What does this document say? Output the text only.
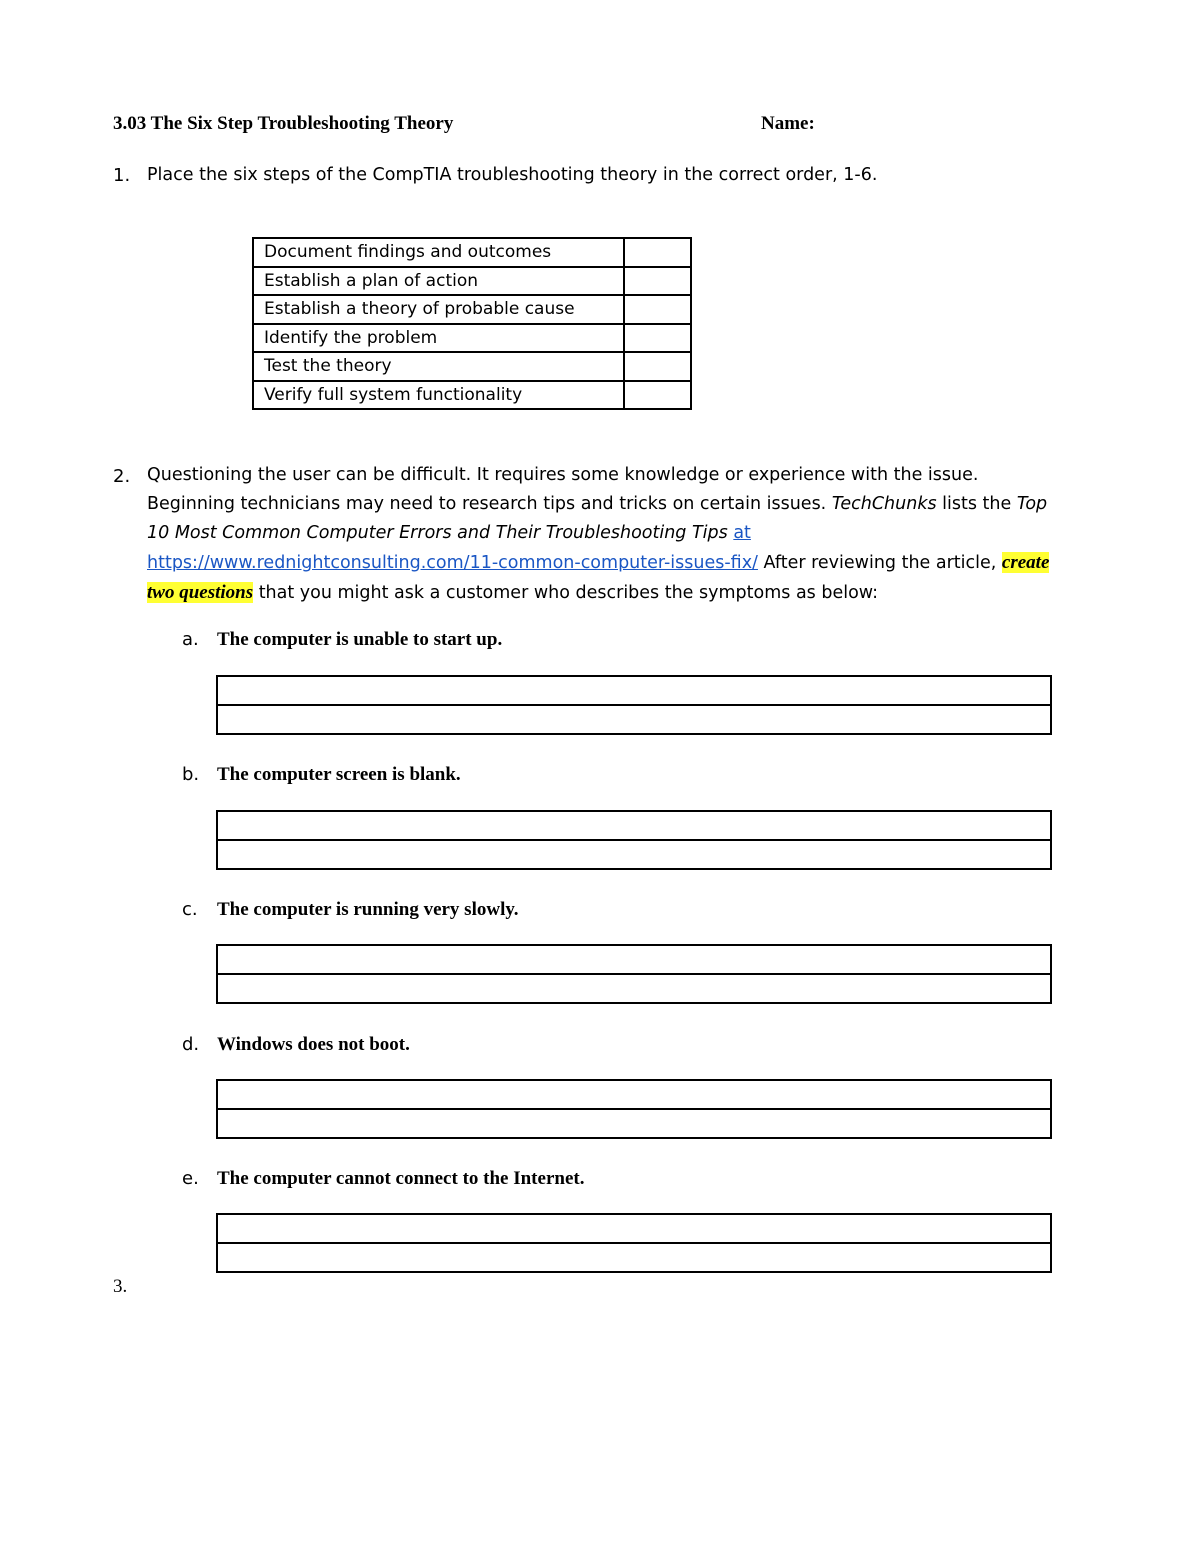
3.03 The Six Step Troubleshooting Theory	Name:
1. Place the six steps of the CompTIA troubleshooting theory in the correct order, 1-6.
Document findings and outcomes	
Establish a plan of action	
Establish a theory of probable cause	
Identify the problem	
Test the theory	
Verify full system functionality	
2. Questioning the user can be difficult. It requires some knowledge or experience with the issue. Beginning technicians may need to research tips and tricks on certain issues. TechChunks lists the Top 10 Most Common Computer Errors and Their Troubleshooting Tips at https://www.rednightconsulting.com/11-common-computer-issues-fix/ After reviewing the article, create two questions that you might ask a customer who describes the symptoms as below:
a. The computer is unable to start up.

b. The computer screen is blank.

c. The computer is running very slowly.

d. Windows does not boot.

e. The computer cannot connect to the Internet.

3.
